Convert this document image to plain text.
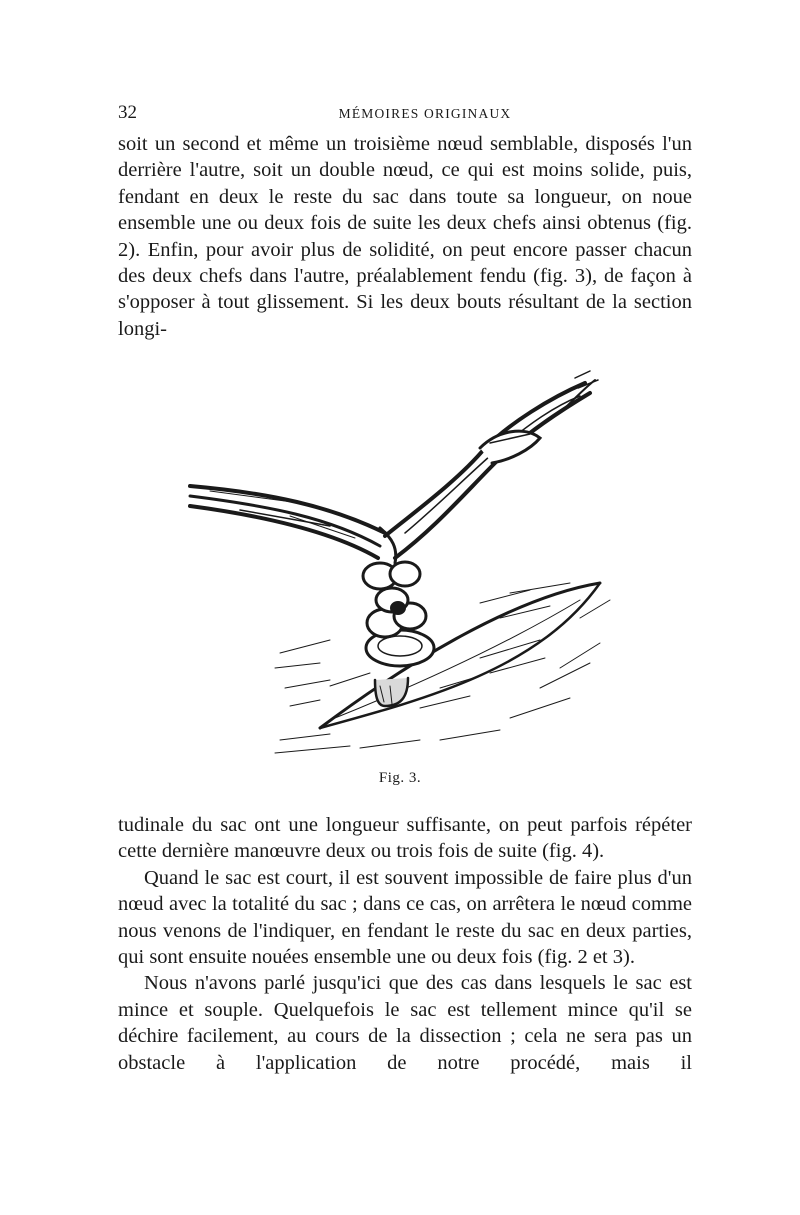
32	MÉMOIRES ORIGINAUX

soit un second et même un troisième nœud semblable, disposés l'un derrière l'autre, soit un double nœud, ce qui est moins solide, puis, fendant en deux le reste du sac dans toute sa longueur, on noue ensemble une ou deux fois de suite les deux chefs ainsi obtenus (fig. 2). Enfin, pour avoir plus de solidité, on peut encore passer chacun des deux chefs dans l'autre, préalablement fendu (fig. 3), de façon à s'opposer à tout glissement. Si les deux bouts résultant de la section longi-

Fig. 3.

tudinale du sac ont une longueur suffisante, on peut parfois répéter cette dernière manœuvre deux ou trois fois de suite (fig. 4).

Quand le sac est court, il est souvent impossible de faire plus d'un nœud avec la totalité du sac ; dans ce cas, on arrêtera le nœud comme nous venons de l'indiquer, en fendant le reste du sac en deux parties, qui sont ensuite nouées ensemble une ou deux fois (fig. 2 et 3).

Nous n'avons parlé jusqu'ici que des cas dans lesquels le sac est mince et souple. Quelquefois le sac est tellement mince qu'il se déchire facilement, au cours de la dissection ; cela ne sera pas un obstacle à l'application de notre procédé, mais il
